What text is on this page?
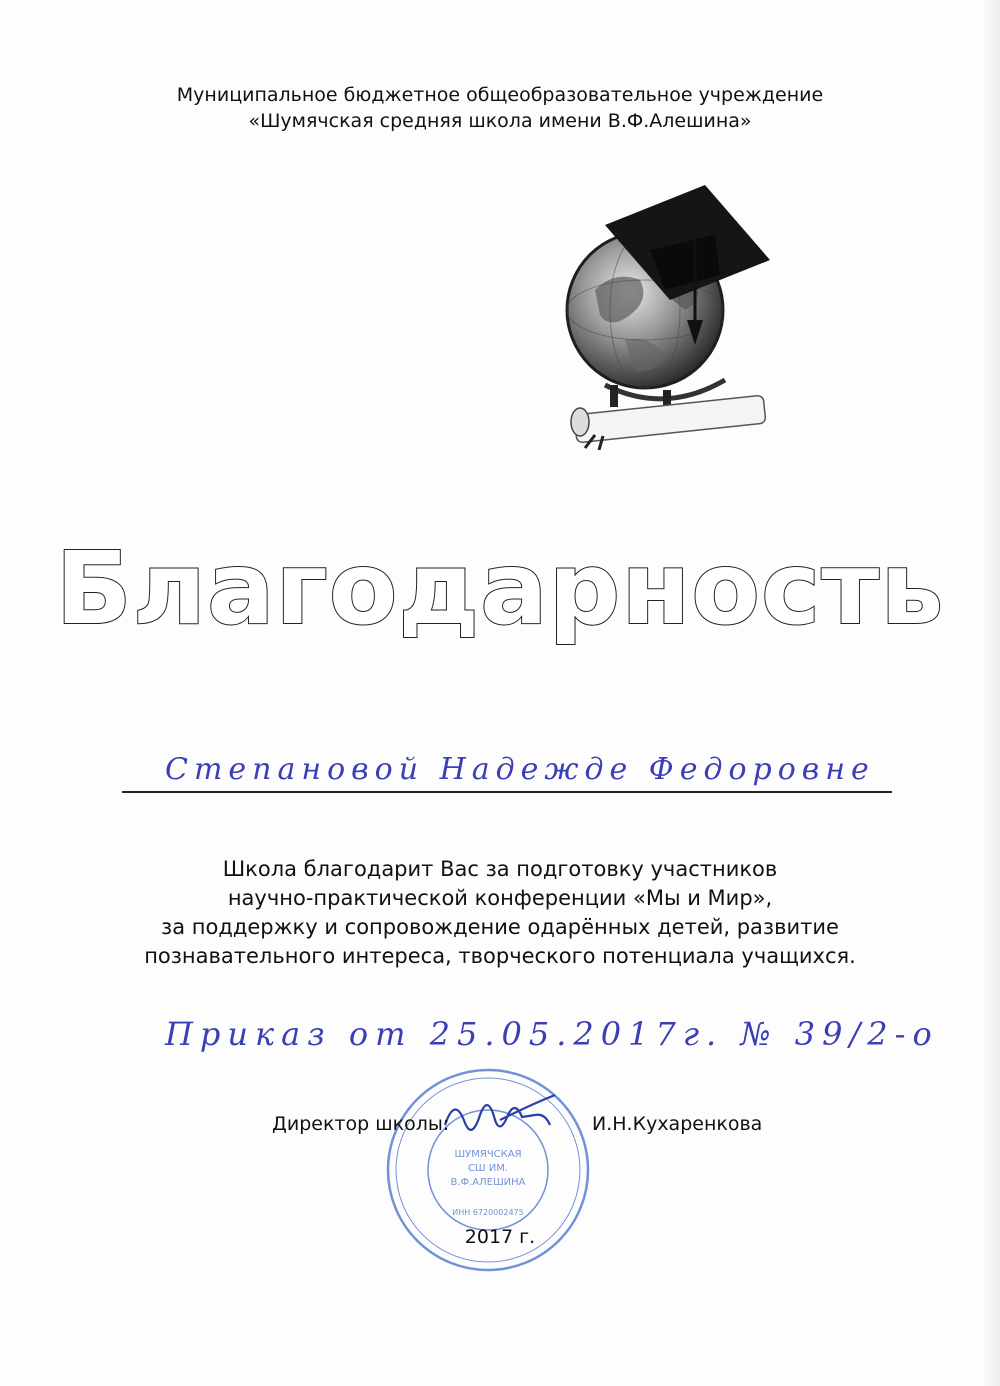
Муниципальное бюджетное общеобразовательное учреждение
«Шумячская средняя школа имени В.Ф.Алешина»
Благодарность
Степановой Надежде Федоровне
Школа благодарит Вас за подготовку участников
научно-практической конференции «Мы и Мир»,
за поддержку и сопровождение одарённых детей, развитие
познавательного интереса, творческого потенциала учащихся.
Приказ от 25.05.2017г. № 39/2-о
ШУМЯЧСКАЯ
СШ ИМ.
В.Ф.АЛЕШИНА
ИНН 6720002475
Директор школы:	И.Н.Кухаренкова
2017 г.
